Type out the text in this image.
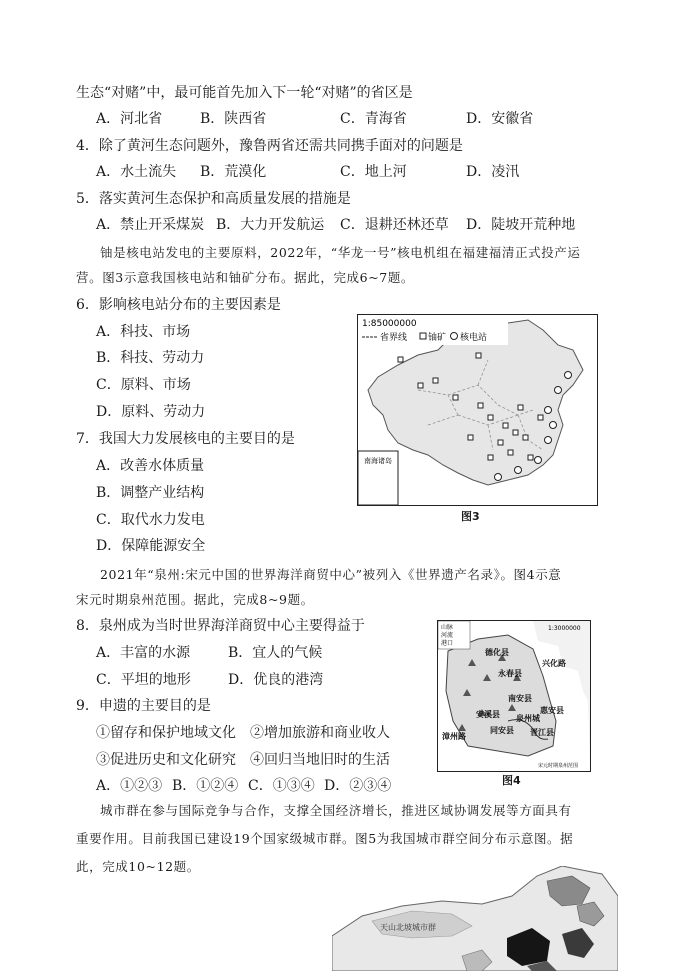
生态“对赌”中，最可能首先加入下一轮“对赌”的省区是
A．河北省	B．陕西省	C．青海省	D．安徽省
4．除了黄河生态问题外，豫鲁两省还需共同携手面对的问题是
A．水土流失 B．荒漠化	C．地上河	D．凌汛
5．落实黄河生态保护和高质量发展的措施是
A．禁止开采煤炭 B．大力开发航运 C．退耕还林还草 D．陡坡开荒种地
铀是核电站发电的主要原料，2022年，“华龙一号”核电机组在福建福清正式投产运
营。图3示意我国核电站和铀矿分布。据此，完成6~7题。
6．影响核电站分布的主要因素是
A．科技、市场
B．科技、劳动力
C．原料、市场
D．原料、劳动力
7．我国大力发展核电的主要目的是
A．改善水体质量
B．调整产业结构
C．取代水力发电
D．保障能源安全
1:85000000
省界线 铀矿 核电站
南海诸岛
图3
2021年“泉州:宋元中国的世界海洋商贸中心”被列入《世界遗产名录》。图4示意
宋元时期泉州范围。据此，完成8~9题。
8．泉州成为当时世界海洋商贸中心主要得益于
A．丰富的水源	B．宜人的气候
C．平坦的地形	D．优良的港湾
9．申遗的主要目的是
①留存和保护地域文化 ②增加旅游和商业收人
③促进历史和文化研究 ④回归当地旧时的生活
A．①②③ B．①②④ C．①③④ D．②③④
山脉
河流
港口
1:3000000
德化县
永春县
兴化路
南安县
安溪县	惠安县
泉州城
同安县 晋江县
漳州路
宋元时期泉州范围
图4
城市群在参与国际竞争与合作，支撑全国经济增长，推进区域协调发展等方面具有
重要作用。目前我国已建设19个国家级城市群。图5为我国城市群空间分布示意图。据
此，完成10~12题。
天山北坡城市群
